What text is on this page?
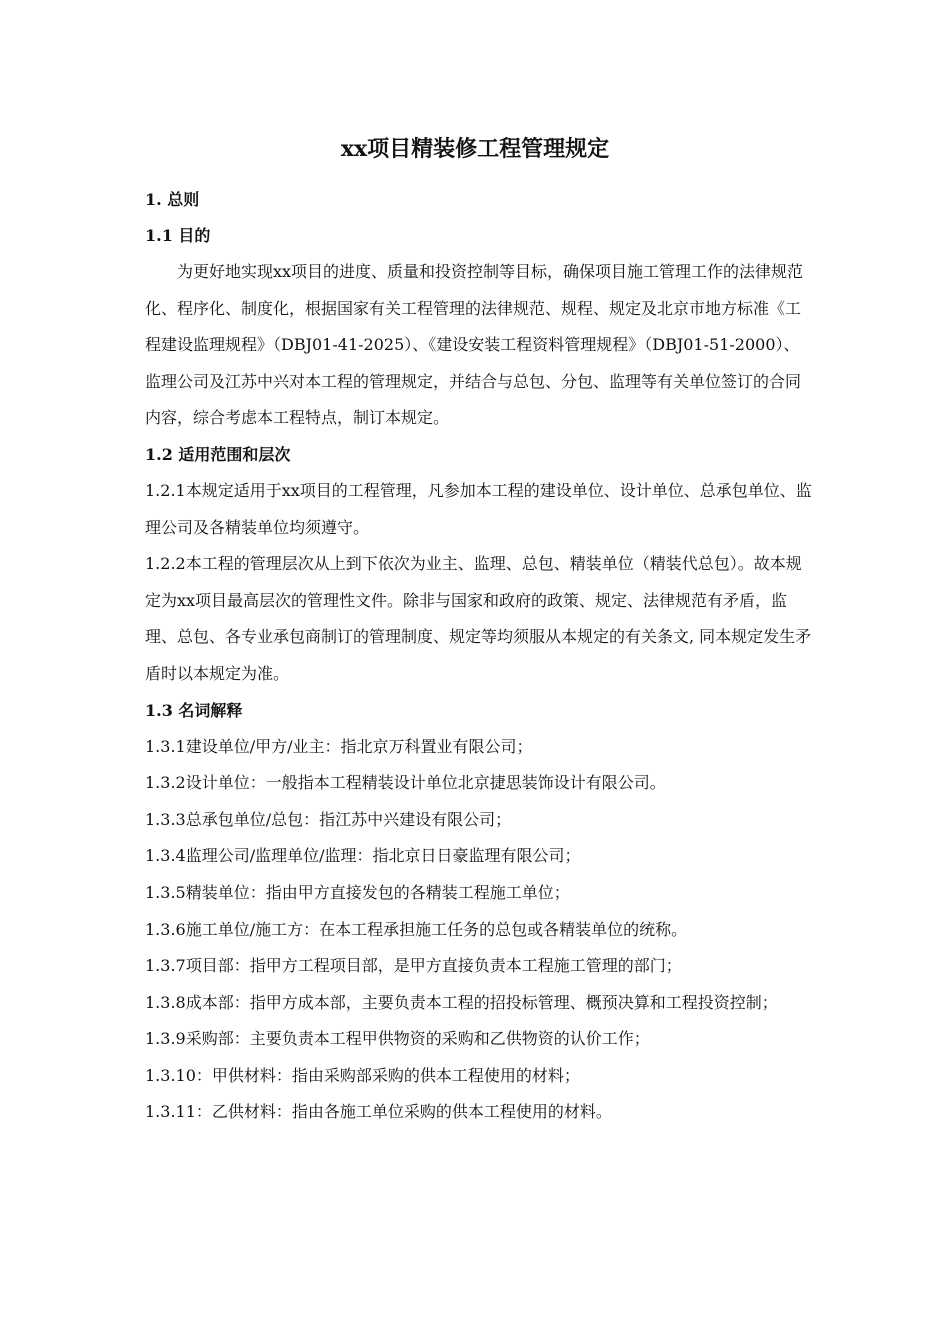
xx项目精装修工程管理规定
1. 总则
1.1 目的

为更好地实现xx项目的进度、质量和投资控制等目标，确保项目施工管理工作的法律规范化、程序化、制度化，根据国家有关工程管理的法律规范、规程、规定及北京市地方标准《工程建设监理规程》（DBJ01-41-2025）、《建设安装工程资料管理规程》（DBJ01-51-2000）、监理公司及江苏中兴对本工程的管理规定，并结合与总包、分包、监理等有关单位签订的合同内容，综合考虑本工程特点，制订本规定。

1.2 适用范围和层次

1.2.1本规定适用于xx项目的工程管理，凡参加本工程的建设单位、设计单位、总承包单位、监理公司及各精装单位均须遵守。

1.2.2本工程的管理层次从上到下依次为业主、监理、总包、精装单位（精装代总包）。故本规定为xx项目最高层次的管理性文件。除非与国家和政府的政策、规定、法律规范有矛盾，监理、总包、各专业承包商制订的管理制度、规定等均须服从本规定的有关条文, 同本规定发生矛盾时以本规定为准。

1.3 名词解释

1.3.1建设单位/甲方/业主：指北京万科置业有限公司；

1.3.2设计单位：一般指本工程精装设计单位北京捷思装饰设计有限公司。

1.3.3总承包单位/总包：指江苏中兴建设有限公司；

1.3.4监理公司/监理单位/监理：指北京日日豪监理有限公司；

1.3.5精装单位：指由甲方直接发包的各精装工程施工单位；

1.3.6施工单位/施工方：在本工程承担施工任务的总包或各精装单位的统称。

1.3.7项目部：指甲方工程项目部，是甲方直接负责本工程施工管理的部门；

1.3.8成本部：指甲方成本部，主要负责本工程的招投标管理、概预决算和工程投资控制；

1.3.9采购部：主要负责本工程甲供物资的采购和乙供物资的认价工作；

1.3.10：甲供材料：指由采购部采购的供本工程使用的材料；

1.3.11：乙供材料：指由各施工单位采购的供本工程使用的材料。
